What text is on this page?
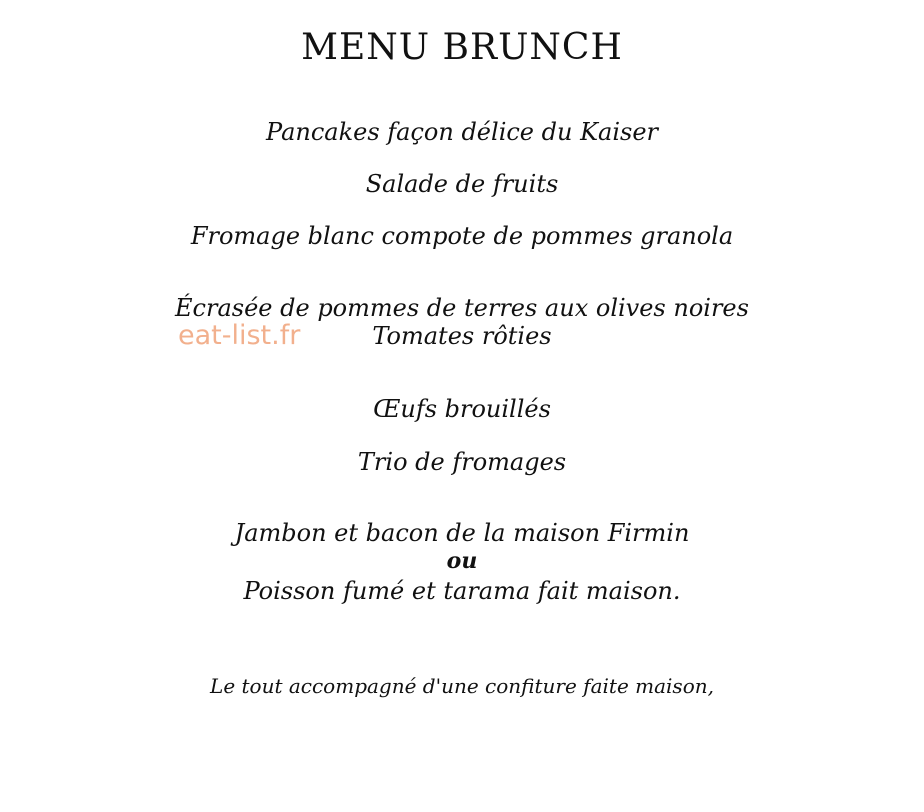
MENU BRUNCH
Pancakes façon délice du Kaiser
Salade de fruits
Fromage blanc compote de pommes granola
Écrasée de pommes de terres aux olives noires
Tomates rôties
Œufs brouillés
Trio de fromages
Jambon et bacon de la maison Firmin
ou
Poisson fumé et tarama fait maison.
Le tout accompagné d'une confiture faite maison,
eat-list.fr
